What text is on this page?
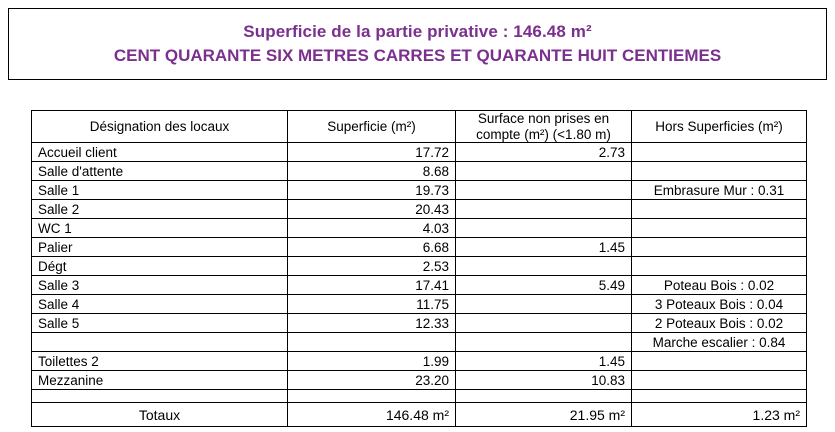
Superficie de la partie privative : 146.48 m²
CENT QUARANTE SIX METRES CARRES ET QUARANTE HUIT CENTIEMES
Désignation des locaux	Superficie (m²)	Surface non prises en compte (m²) (<1.80 m)	Hors Superficies (m²)
Accueil client	17.72	2.73	
Salle d'attente	8.68		
Salle 1	19.73		Embrasure Mur : 0.31
Salle 2	20.43		
WC 1	4.03		
Palier	6.68	1.45	
Dégt	2.53		
Salle 3	17.41	5.49	Poteau Bois : 0.02
Salle 4	11.75		3 Poteaux Bois : 0.04
Salle 5	12.33		2 Poteaux Bois : 0.02
			Marche escalier : 0.84
Toilettes 2	1.99	1.45	
Mezzanine	23.20	10.83	

Totaux	146.48 m²	21.95 m²	1.23 m²
